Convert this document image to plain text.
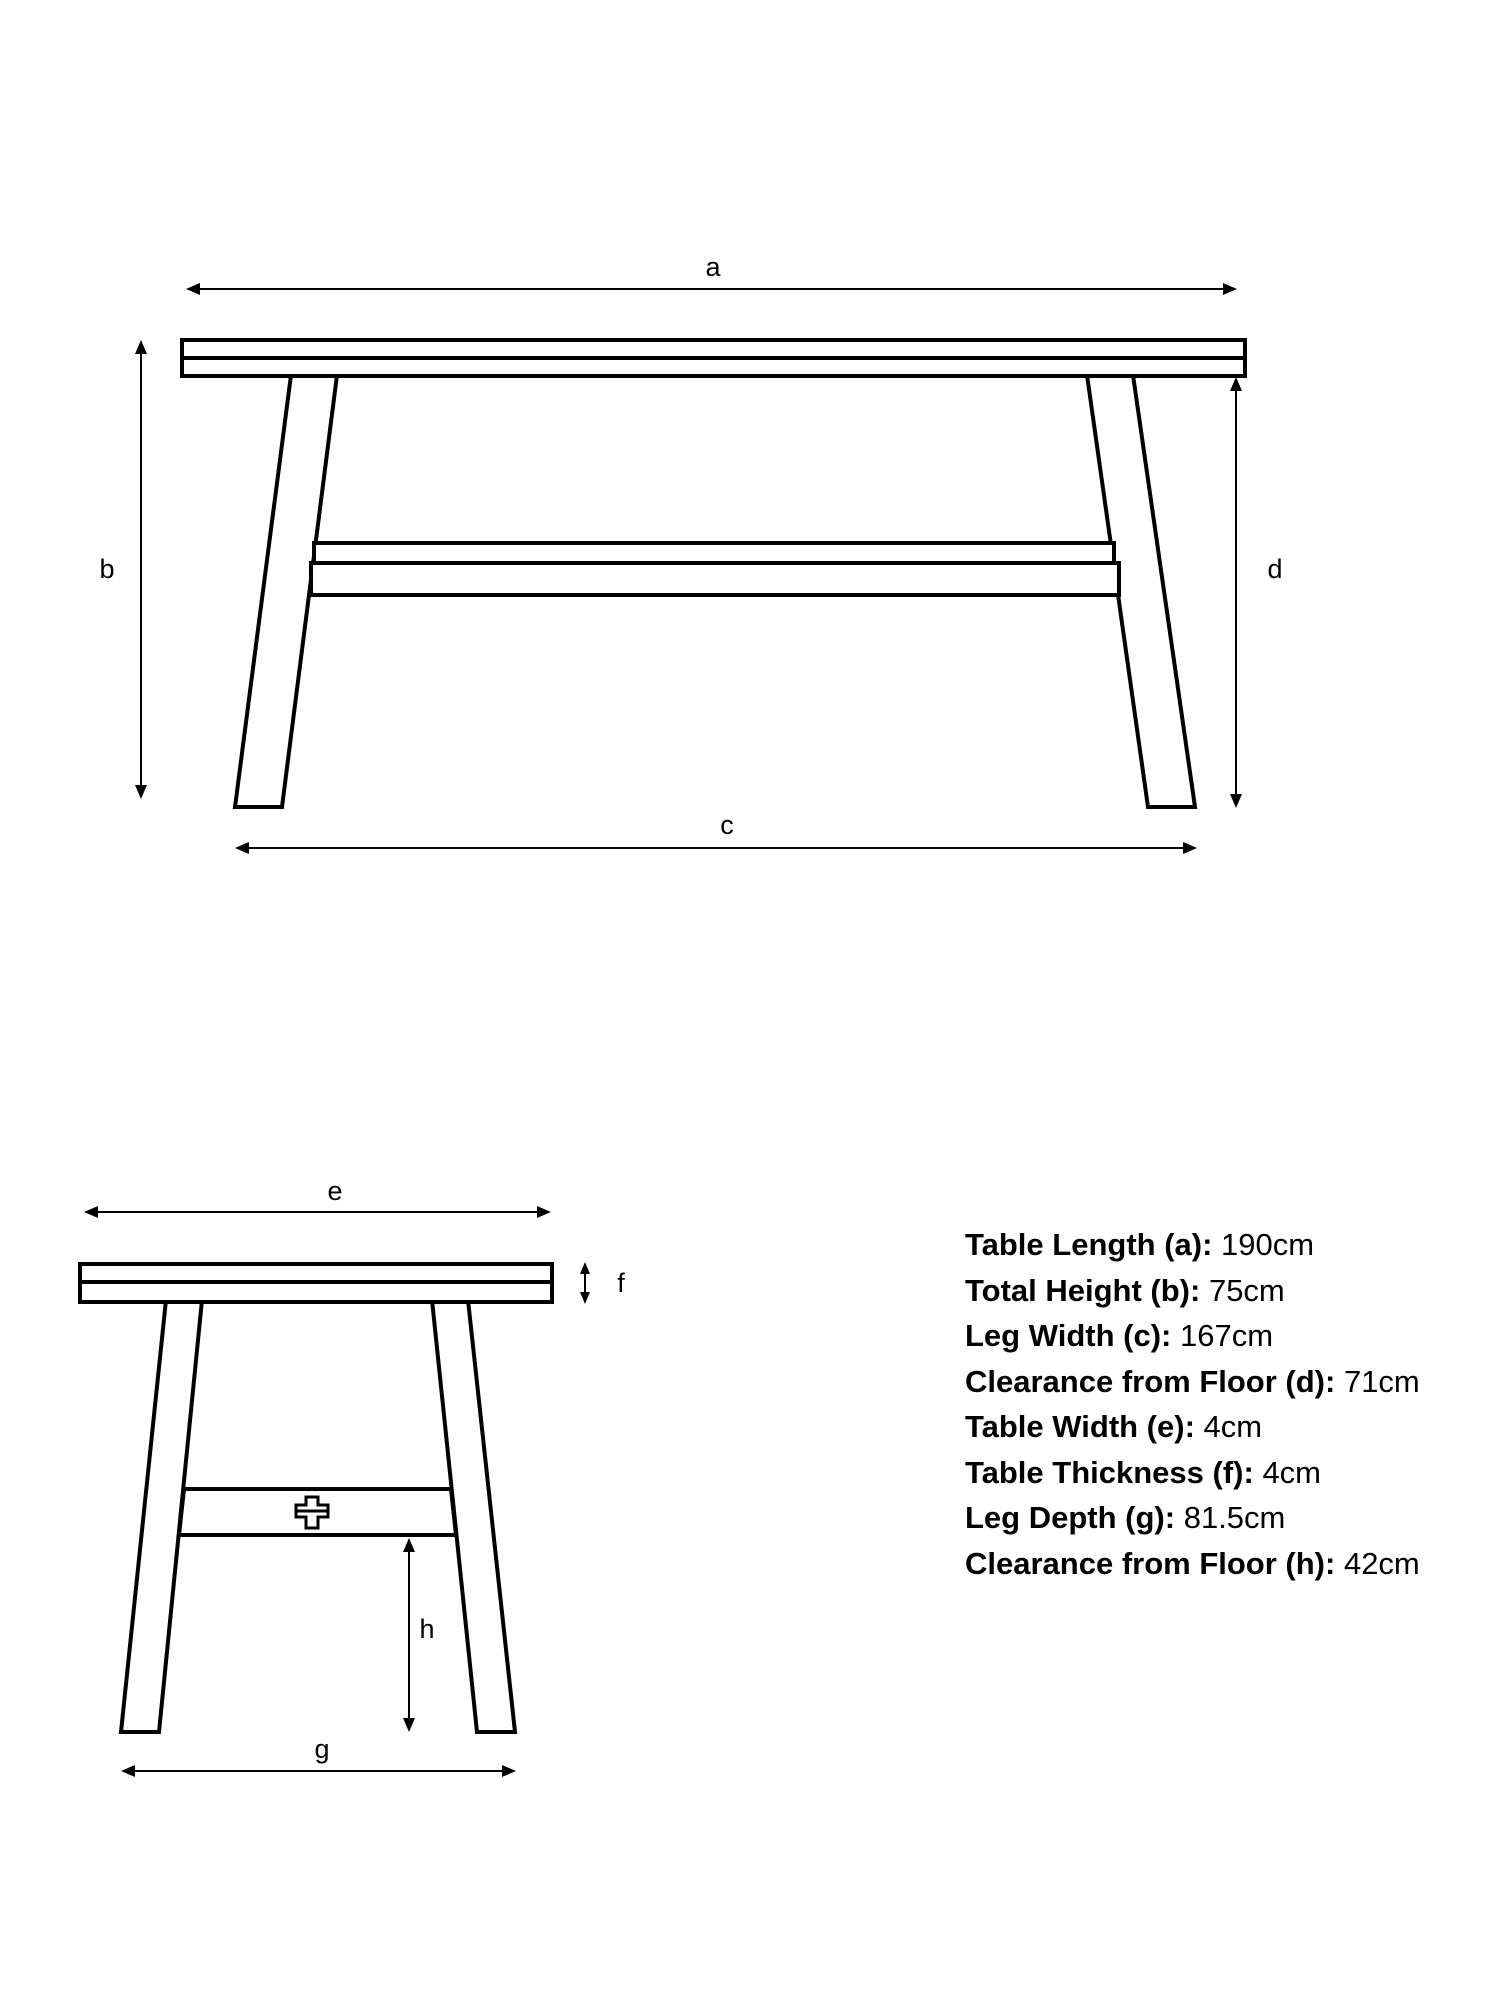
a
b
c
d
e
f
h
g
Table Length (a): 190cm
Total Height (b): 75cm
Leg Width (c): 167cm
Clearance from Floor (d): 71cm
Table Width (e): 4cm
Table Thickness (f): 4cm
Leg Depth (g): 81.5cm
Clearance from Floor (h): 42cm
